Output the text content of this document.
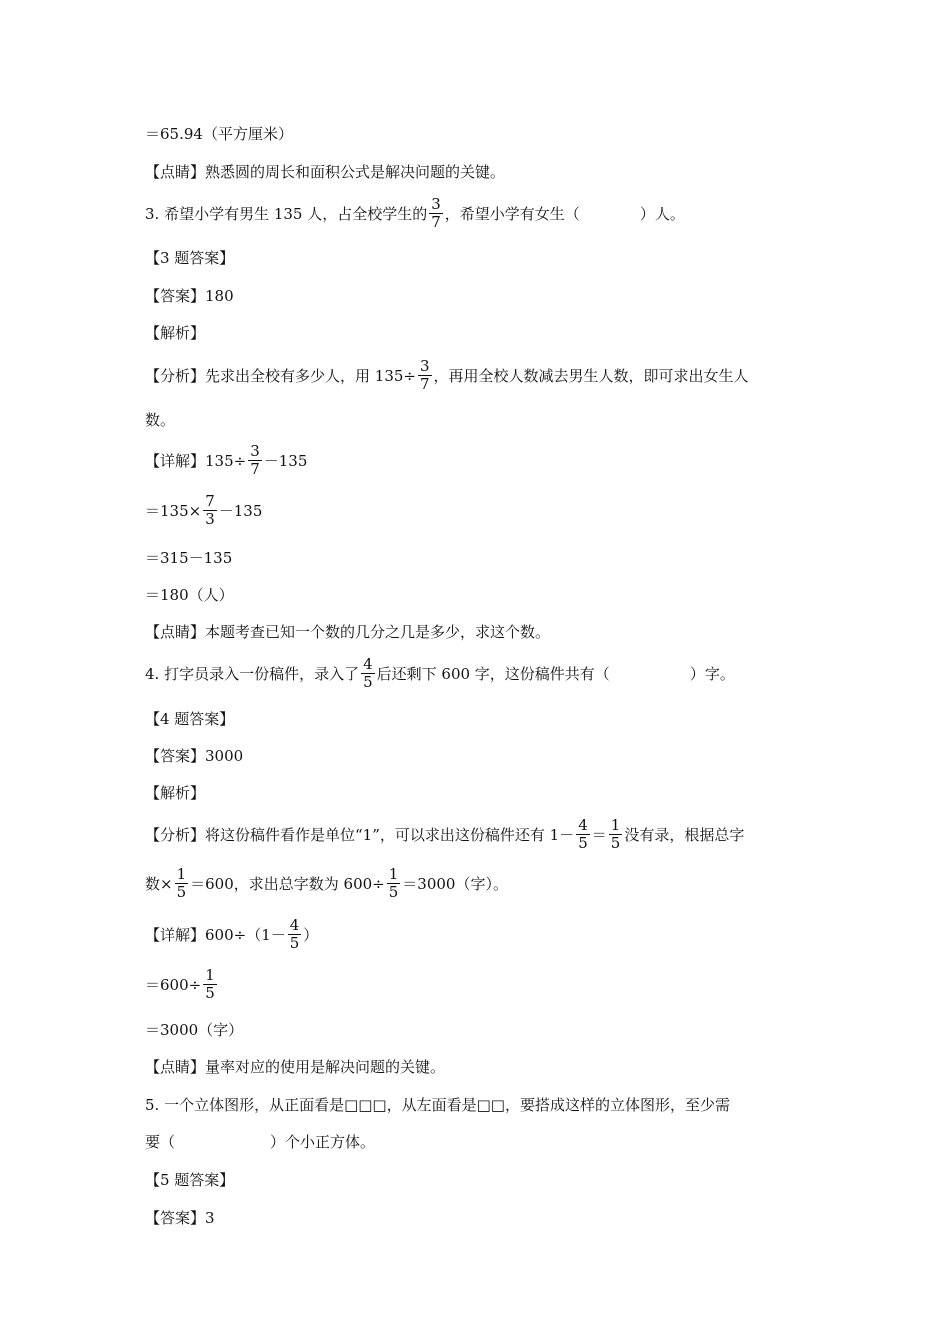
＝65.94（平方厘米）
【点睛】熟悉圆的周长和面积公式是解决问题的关键。
3. 希望小学有男生 135 人，占全校学生的 $\frac{3}{7}$ ，希望小学有女生（	）人。
【3 题答案】
【答案】180
【解析】
【分析】先求出全校有多少人，用 $135\div \frac{3}{7}$ ，再用全校人数减去男生人数，即可求出女生人
数。
【详解】$135\div \frac{3}{7} -135$
$=135\times \frac{7}{3} -135$
＝315－135
＝180（人）
【点睛】本题考查已知一个数的几分之几是多少，求这个数。
4. 打字员录入一份稿件，录入了 $\frac{4}{5}$ 后还剩下 600 字，这份稿件共有（	）字。
【4 题答案】
【答案】3000
【解析】
【分析】将这份稿件看作是单位“1”，可以求出这份稿件还有 $1- \frac{4}{5} = \frac{1}{5}$ 没有录，根据总字
数× $\frac{1}{5} =600$，求出总字数为 $600\div \frac{1}{5} =3000$（字）。
【详解】$600\div(1- \frac{4}{5}$ ）
$=600\div \frac{1}{5}$
＝3000（字）
【点睛】量率对应的使用是解决问题的关键。
5. 一个立体图形，从正面看是□□□，从左面看是□□，要搭成这样的立体图形，至少需
要（	）个小正方体。
【5 题答案】
【答案】3
